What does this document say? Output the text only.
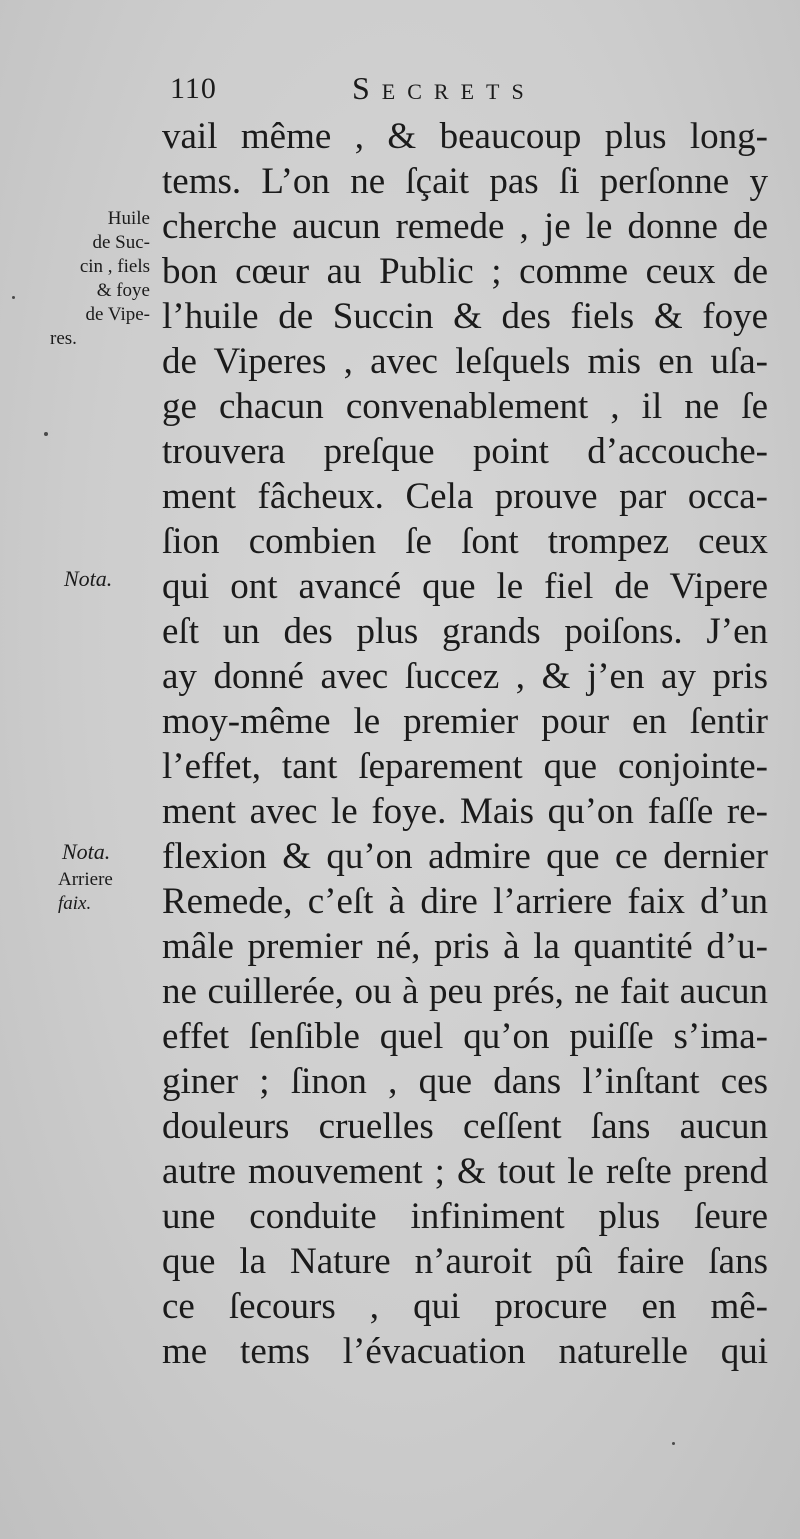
110	Secrets
Huile
de Suc-
cin , fiels
& foye
de Vipe-
res.
Nota.
Nota.
Arriere
faix.
vail même , & beaucoup plus long-
tems. L’on ne ſçait pas ſi perſonne y
cherche aucun remede , je le donne de
bon cœur au Public ; comme ceux de
l’huile de Succin & des fiels & foye
de Viperes , avec leſquels mis en uſa-
ge chacun convenablement , il ne ſe
trouvera preſque point d’accouche-
ment fâcheux. Cela prouve par occa-
ſion combien ſe ſont trompez ceux
qui ont avancé que le fiel de Vipere
eſt un des plus grands poiſons. J’en
ay donné avec ſuccez , & j’en ay pris
moy-même le premier pour en ſentir
l’effet, tant ſeparement que conjointe-
ment avec le foye. Mais qu’on faſſe re-
flexion & qu’on admire que ce dernier
Remede, c’eſt à dire l’arriere faix d’un
mâle premier né, pris à la quantité d’u-
ne cuillerée, ou à peu prés, ne fait aucun
effet ſenſible quel qu’on puiſſe s’ima-
giner ; ſinon , que dans l’inſtant ces
douleurs cruelles ceſſent ſans aucun
autre mouvement ; & tout le reſte prend
une conduite infiniment plus ſeure
que la Nature n’auroit pû faire ſans
ce ſecours , qui procure en mê-
me tems l’évacuation naturelle qui
